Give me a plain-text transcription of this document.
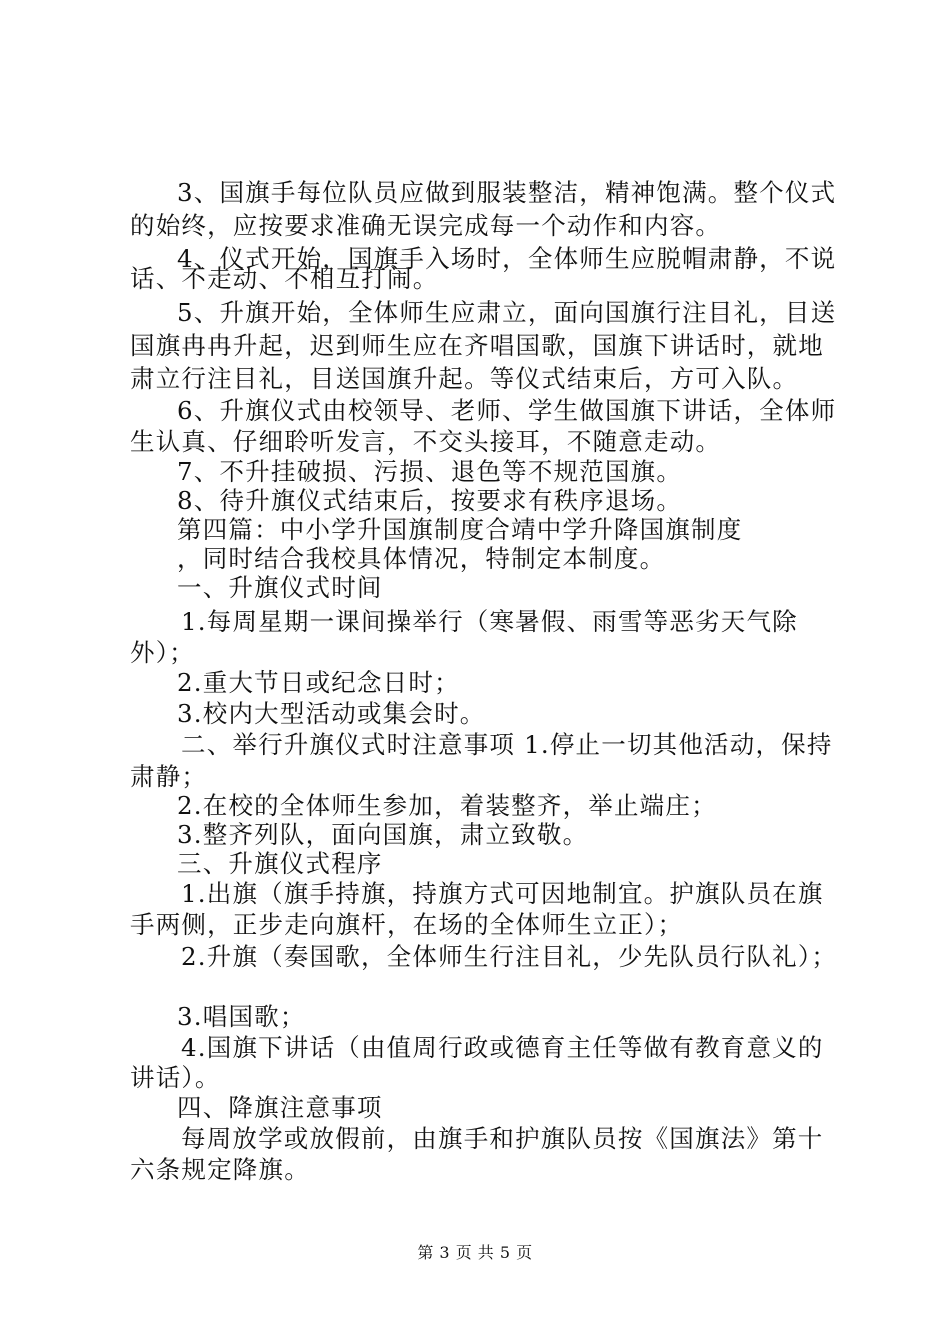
3、国旗手每位队员应做到服装整洁，精神饱满。整个仪式
的始终，应按要求准确无误完成每一个动作和内容。
4、仪式开始，国旗手入场时，全体师生应脱帽肃静，不说
话、不走动、不相互打闹。
5、升旗开始，全体师生应肃立，面向国旗行注目礼，目送
国旗冉冉升起，迟到师生应在齐唱国歌，国旗下讲话时，就地
肃立行注目礼，目送国旗升起。等仪式结束后，方可入队。
6、升旗仪式由校领导、老师、学生做国旗下讲话，全体师
生认真、仔细聆听发言，不交头接耳，不随意走动。
7、不升挂破损、污损、退色等不规范国旗。
8、待升旗仪式结束后，按要求有秩序退场。
第四篇：中小学升国旗制度合靖中学升降国旗制度
，同时结合我校具体情况，特制定本制度。
一、升旗仪式时间
1.每周星期一课间操举行（寒暑假、雨雪等恶劣天气除
外）；
2.重大节日或纪念日时；
3.校内大型活动或集会时。
二、举行升旗仪式时注意事项 1.停止一切其他活动，保持
肃静；
2.在校的全体师生参加，着装整齐，举止端庄；
3.整齐列队，面向国旗，肃立致敬。
三、升旗仪式程序
1.出旗（旗手持旗，持旗方式可因地制宜。护旗队员在旗
手两侧，正步走向旗杆，在场的全体师生立正）；
2.升旗（奏国歌，全体师生行注目礼，少先队员行队礼）；
3.唱国歌；
4.国旗下讲话（由值周行政或德育主任等做有教育意义的
讲话）。
四、降旗注意事项
每周放学或放假前，由旗手和护旗队员按《国旗法》第十
六条规定降旗。
第 3 页 共 5 页
